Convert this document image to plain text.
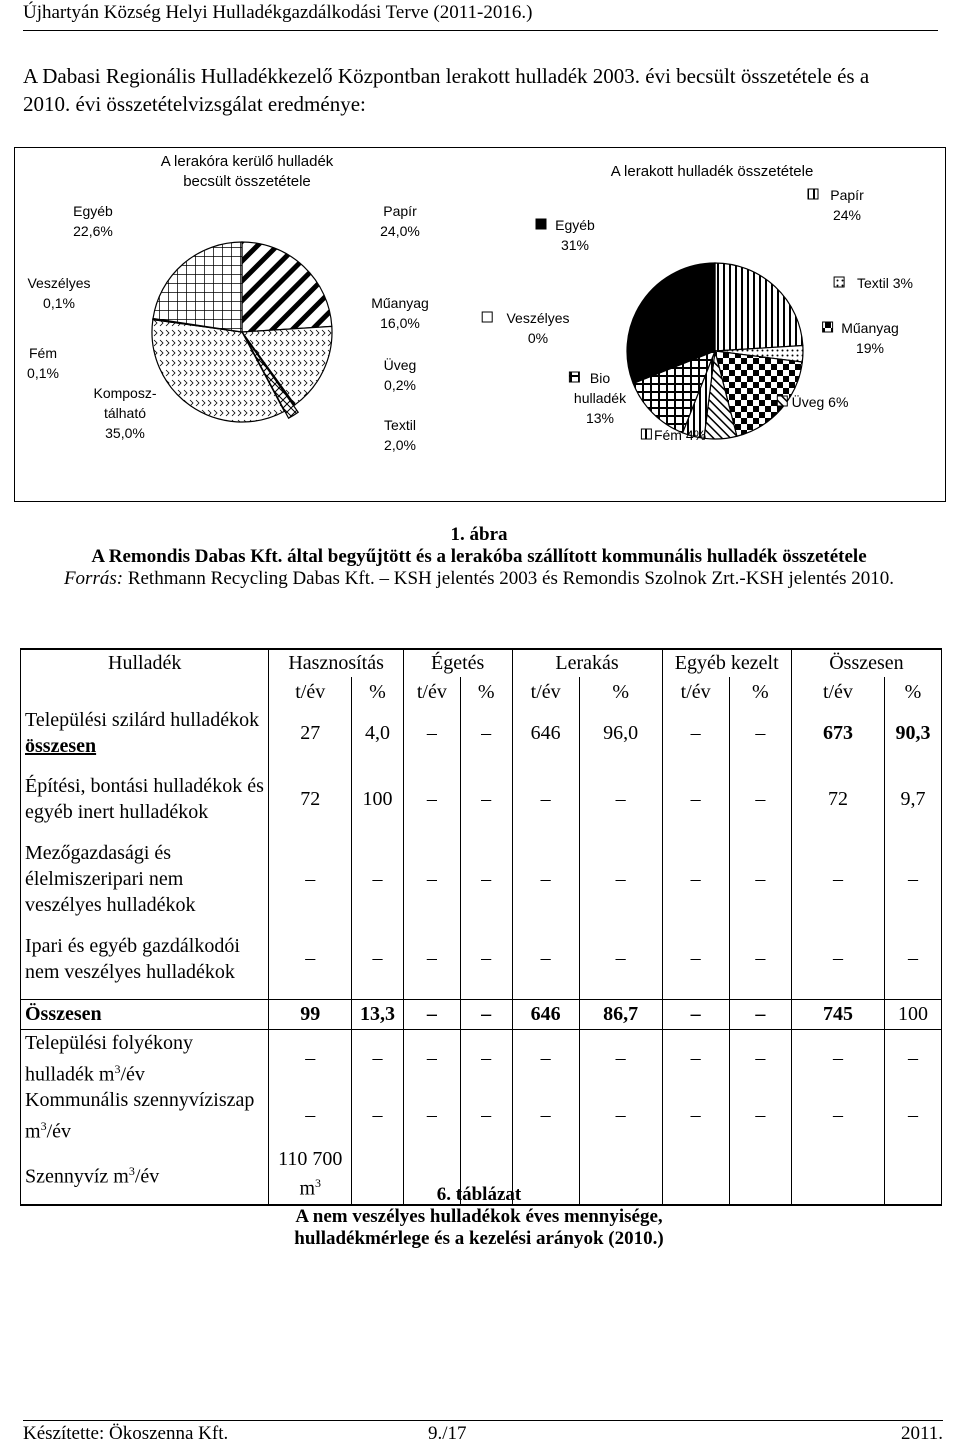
Újhartyán Község Helyi Hulladékgazdálkodási Terve (2011-2016.)
A Dabasi Regionális Hulladékkezelő Központban lerakott hulladék 2003. évi becsült összetétele és a
2010. évi összetételvizsgálat eredménye:
A lerakóra kerülő hulladék becsült összetétele
Papír 24,0%
Műanyag 16,0%
Üveg 0,2%
Textil 2,0%
Komposz-tálható 35,0%
Fém 0,1%
Veszélyes 0,1%
Egyéb 22,6%
A lerakott hulladék összetétele
Papír 24%
Textil 3%
Műanyag 19%
Üveg 6%
Fém 4%
Bio hulladék 13%
Veszélyes 0%
Egyéb 31%
1. ábra
A Remondis Dabas Kft. által begyűjtött és a lerakóba szállított kommunális hulladék összetétele
Forrás: Rethmann Recycling Dabas Kft. – KSH jelentés 2003 és Remondis Szolnok Zrt.-KSH jelentés 2010.
Hulladék	Hasznosítás		Égetés		Lerakás		Egyéb kezelt		Összesen	
	t/év	%	t/év	%	t/év	%	t/év	%	t/év	%
Települési szilárd hulladékok összesen	27	4,0	–	–	646	96,0	–	–	673	90,3
Építési, bontási hulladékok és egyéb inert hulladékok	72	100	–	–	–	–	–	–	72	9,7
Mezőgazdasági és élelmiszeripari nem veszélyes hulladékok	–	–	–	–	–	–	–	–	–	–
Ipari és egyéb gazdálkodói nem veszélyes hulladékok	–	–	–	–	–	–	–	–	–	–
Összesen	99	13,3	–	–	646	86,7	–	–	745	100
Települési folyékony hulladék $m^3/év$	–	–	–	–	–	–	–	–	–	–
Kommunális szennyvíziszap $m^3/év$	–	–	–	–	–	–	–	–	–	–
Szennyvíz $m^3/év$	110 700
$m^3$									
6. táblázat
A nem veszélyes hulladékok éves mennyisége,
hulladékmérlege és a kezelési arányok (2010.)
Készítette: Ökoszenna Kft.	9./17	2011.
